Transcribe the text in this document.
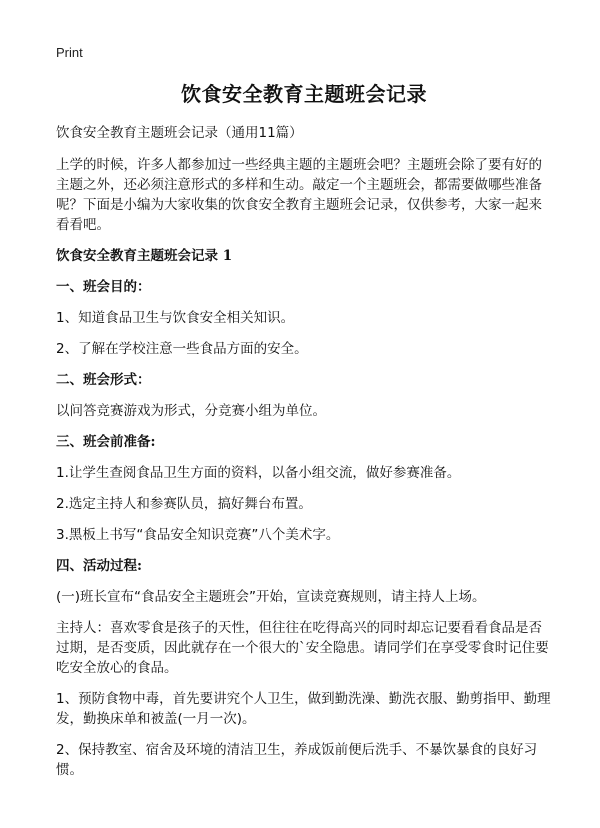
Print
饮食安全教育主题班会记录
饮食安全教育主题班会记录（通用11篇）

上学的时候，许多人都参加过一些经典主题的主题班会吧？主题班会除了要有好的主题之外，还必须注意形式的多样和生动。敲定一个主题班会，都需要做哪些准备呢？下面是小编为大家收集的饮食安全教育主题班会记录，仅供参考，大家一起来看看吧。

饮食安全教育主题班会记录 1

一、班会目的：

1、知道食品卫生与饮食安全相关知识。

2、了解在学校注意一些食品方面的安全。

二、班会形式：

以问答竞赛游戏为形式，分竞赛小组为单位。

三、班会前准备:

1.让学生查阅食品卫生方面的资料，以备小组交流，做好参赛准备。

2.选定主持人和参赛队员，搞好舞台布置。

3.黑板上书写“食品安全知识竞赛”八个美术字。

四、活动过程:

(一)班长宣布“食品安全主题班会”开始，宣读竞赛规则，请主持人上场。

主持人：喜欢零食是孩子的天性，但往往在吃得高兴的同时却忘记要看看食品是否过期，是否变质，因此就存在一个很大的`安全隐患。请同学们在享受零食时记住要吃安全放心的食品。

1、预防食物中毒，首先要讲究个人卫生，做到勤洗澡、勤洗衣服、勤剪指甲、勤理发，勤换床单和被盖(一月一次)。

2、保持教室、宿舍及环境的清洁卫生，养成饭前便后洗手、不暴饮暴食的良好习惯。
